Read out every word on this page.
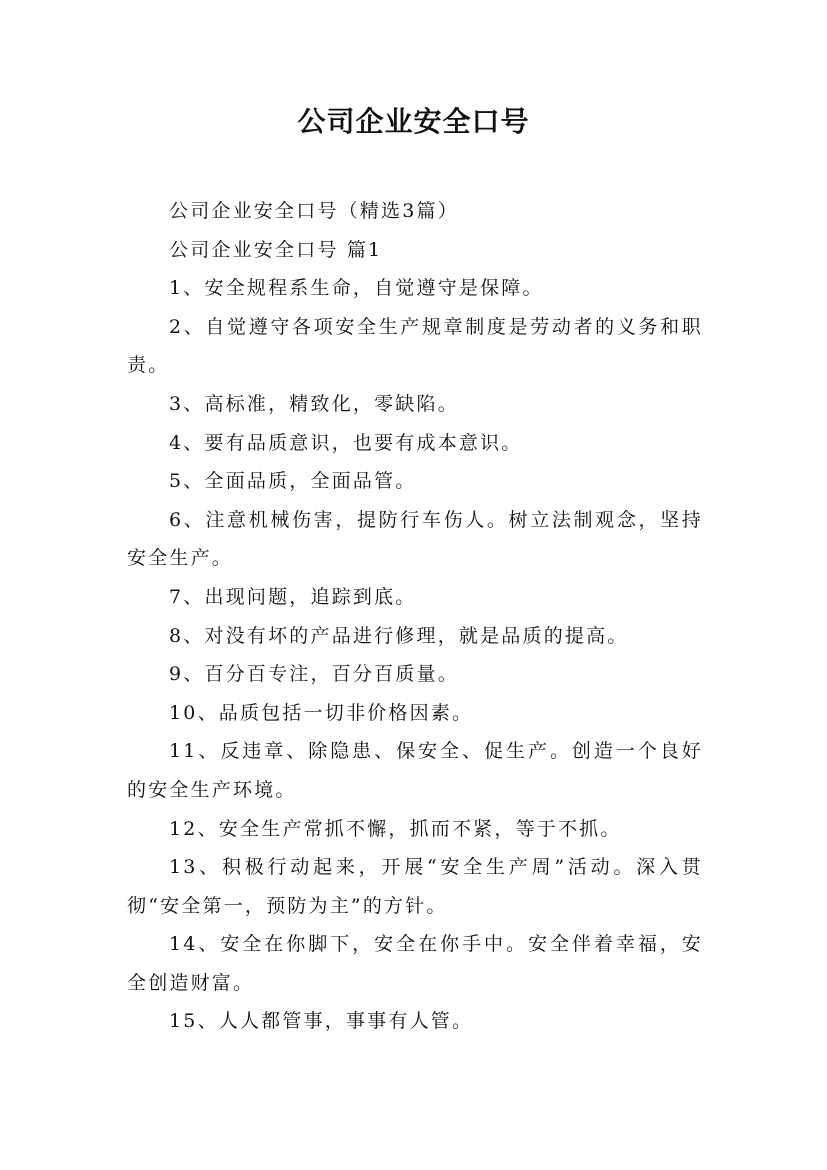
公司企业安全口号

公司企业安全口号（精选3篇）

公司企业安全口号 篇1

1、安全规程系生命，自觉遵守是保障。

2、自觉遵守各项安全生产规章制度是劳动者的义务和职责。

3、高标准，精致化，零缺陷。

4、要有品质意识，也要有成本意识。

5、全面品质，全面品管。

6、注意机械伤害，提防行车伤人。树立法制观念，坚持安全生产。

7、出现问题，追踪到底。

8、对没有坏的产品进行修理，就是品质的提高。

9、百分百专注，百分百质量。

10、品质包括一切非价格因素。

11、反违章、除隐患、保安全、促生产。创造一个良好的安全生产环境。

12、安全生产常抓不懈，抓而不紧，等于不抓。

13、积极行动起来，开展“安全生产周”活动。深入贯彻“安全第一，预防为主”的方针。

14、安全在你脚下，安全在你手中。安全伴着幸福，安全创造财富。

15、人人都管事，事事有人管。
